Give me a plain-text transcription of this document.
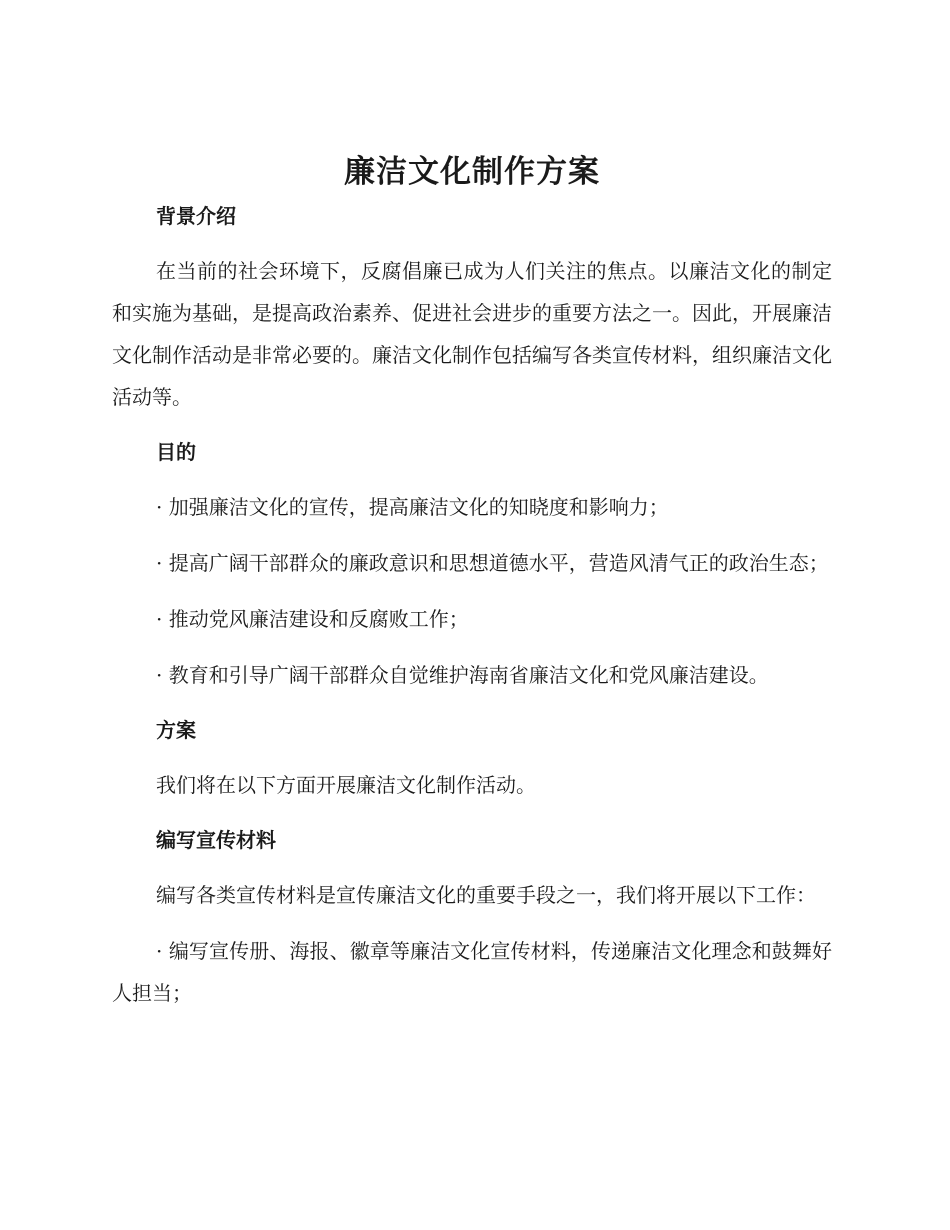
廉洁文化制作方案

背景介绍

在当前的社会环境下，反腐倡廉已成为人们关注的焦点。以廉洁文化的制定和实施为基础，是提高政治素养、促进社会进步的重要方法之一。因此，开展廉洁文化制作活动是非常必要的。廉洁文化制作包括编写各类宣传材料，组织廉洁文化活动等。

目的

· 加强廉洁文化的宣传，提高廉洁文化的知晓度和影响力；

· 提高广阔干部群众的廉政意识和思想道德水平，营造风清气正的政治生态；

· 推动党风廉洁建设和反腐败工作；

· 教育和引导广阔干部群众自觉维护海南省廉洁文化和党风廉洁建设。

方案

我们将在以下方面开展廉洁文化制作活动。

编写宣传材料

编写各类宣传材料是宣传廉洁文化的重要手段之一，我们将开展以下工作：

· 编写宣传册、海报、徽章等廉洁文化宣传材料，传递廉洁文化理念和鼓舞好人担当；
